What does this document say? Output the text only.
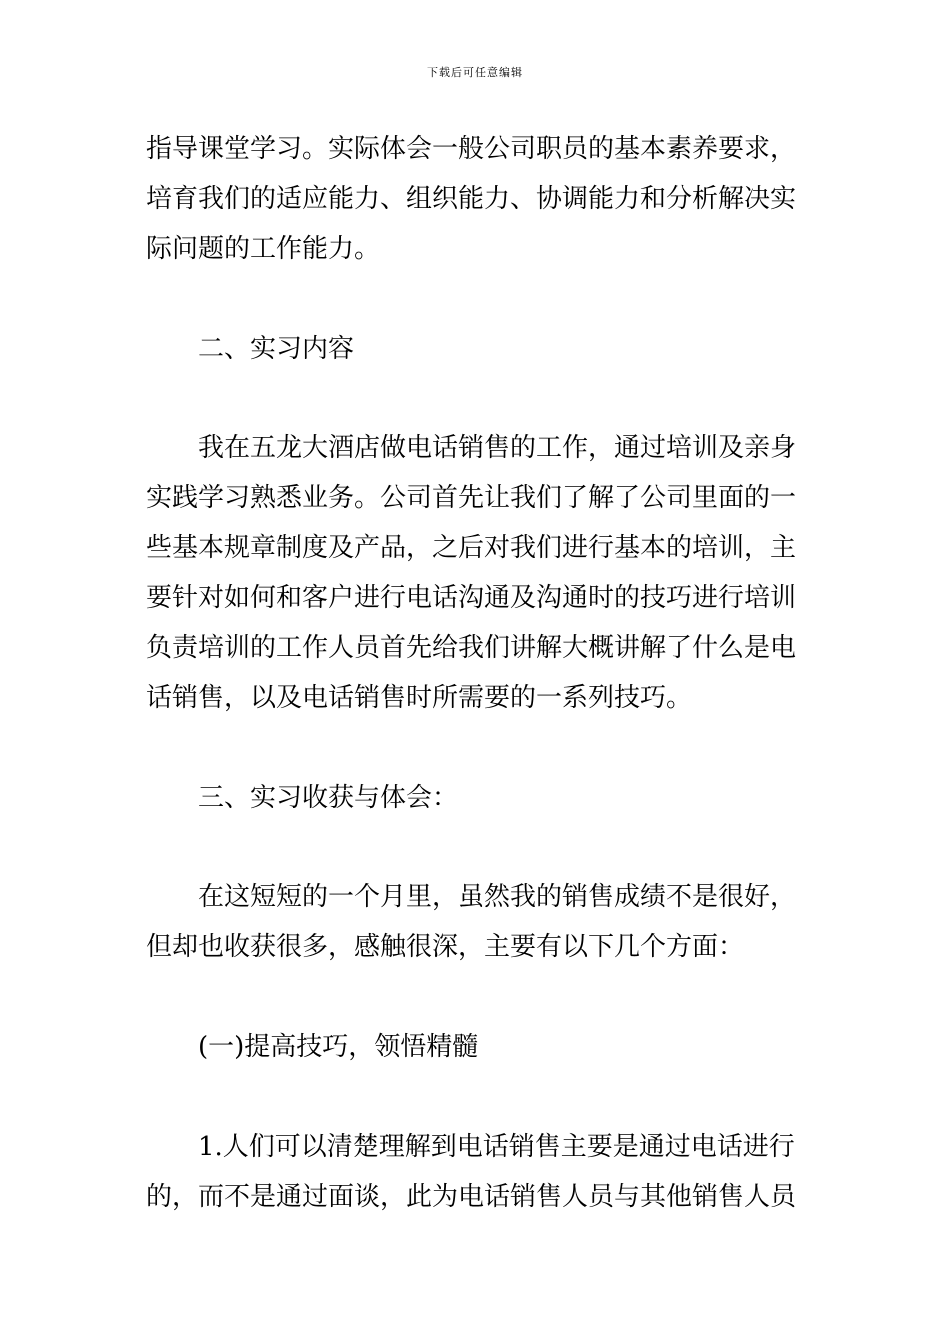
下载后可任意编辑
指导课堂学习。实际体会一般公司职员的基本素养要求，
培育我们的适应能力、组织能力、协调能力和分析解决实
际问题的工作能力。
二、实习内容
我在五龙大酒店做电话销售的工作，通过培训及亲身
实践学习熟悉业务。公司首先让我们了解了公司里面的一
些基本规章制度及产品，之后对我们进行基本的培训，主
要针对如何和客户进行电话沟通及沟通时的技巧进行培训
负责培训的工作人员首先给我们讲解大概讲解了什么是电
话销售，以及电话销售时所需要的一系列技巧。
三、实习收获与体会：
在这短短的一个月里，虽然我的销售成绩不是很好，
但却也收获很多，感触很深，主要有以下几个方面：
(一)提高技巧，领悟精髓
1.人们可以清楚理解到电话销售主要是通过电话进行
的，而不是通过面谈，此为电话销售人员与其他销售人员
